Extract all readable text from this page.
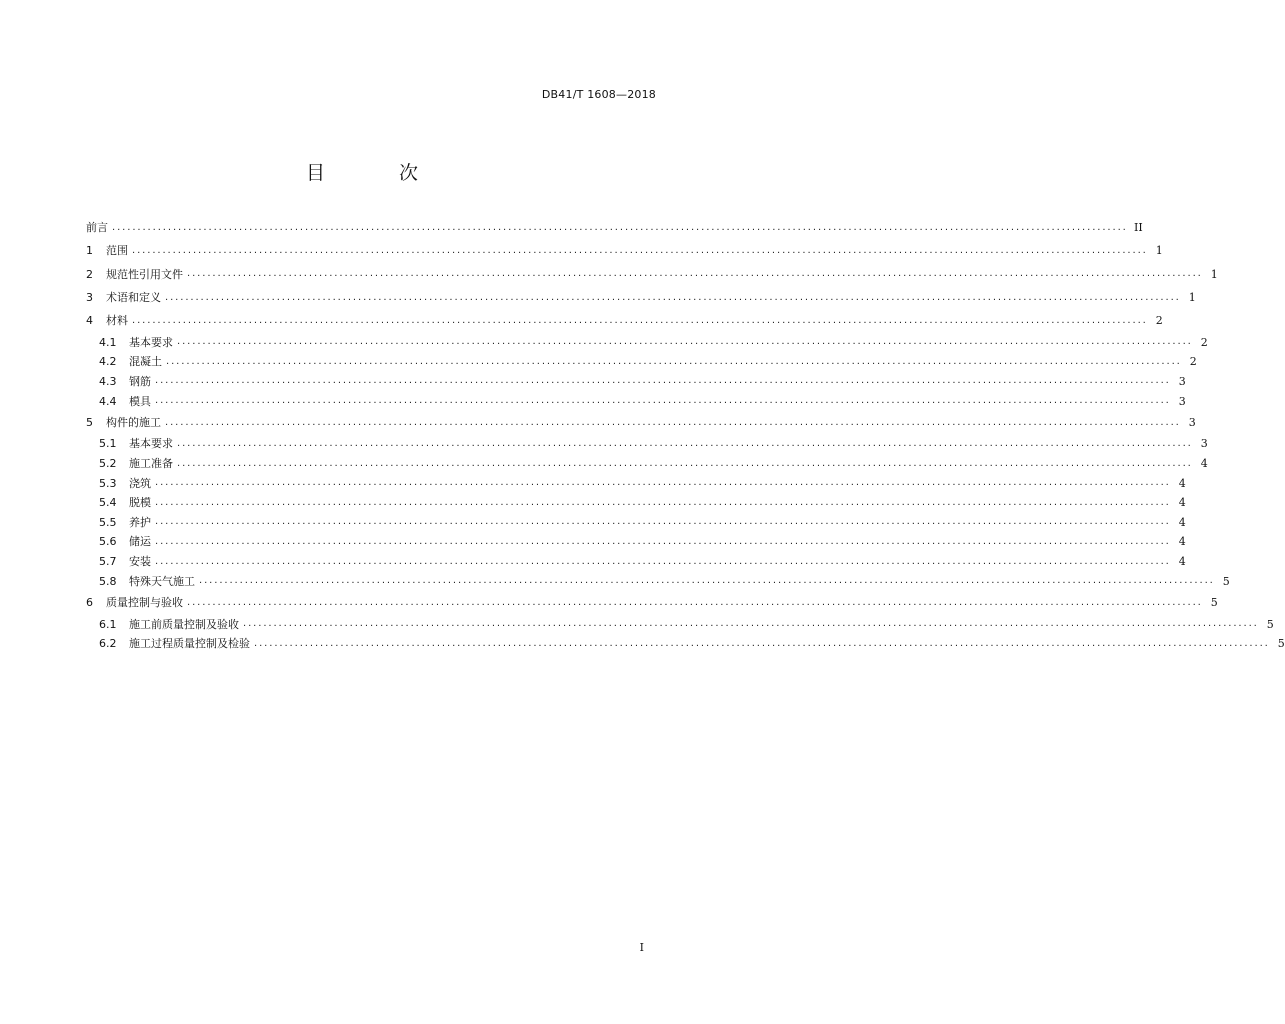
DB41/T 1608—2018
目 次
前言 ........................................................................................................................................................................................................ II
1	范围 ........................................................................................................................................................................................................ 1
2	规范性引用文件 ........................................................................................................................................................................................................ 1
3	术语和定义 ........................................................................................................................................................................................................ 1
4	材料 ........................................................................................................................................................................................................ 2
4.1	基本要求 ........................................................................................................................................................................................................ 2
4.2	混凝土 ........................................................................................................................................................................................................ 2
4.3	钢筋 ........................................................................................................................................................................................................ 3
4.4	模具 ........................................................................................................................................................................................................ 3
5	构件的施工 ........................................................................................................................................................................................................ 3
5.1	基本要求 ........................................................................................................................................................................................................ 3
5.2	施工准备 ........................................................................................................................................................................................................ 4
5.3	浇筑 ........................................................................................................................................................................................................ 4
5.4	脱模 ........................................................................................................................................................................................................ 4
5.5	养护 ........................................................................................................................................................................................................ 4
5.6	储运 ........................................................................................................................................................................................................ 4
5.7	安装 ........................................................................................................................................................................................................ 4
5.8	特殊天气施工 ........................................................................................................................................................................................................ 5
6	质量控制与验收 ........................................................................................................................................................................................................ 5
6.1	施工前质量控制及验收 ........................................................................................................................................................................................................ 5
6.2	施工过程质量控制及检验 ........................................................................................................................................................................................................ 5
I
